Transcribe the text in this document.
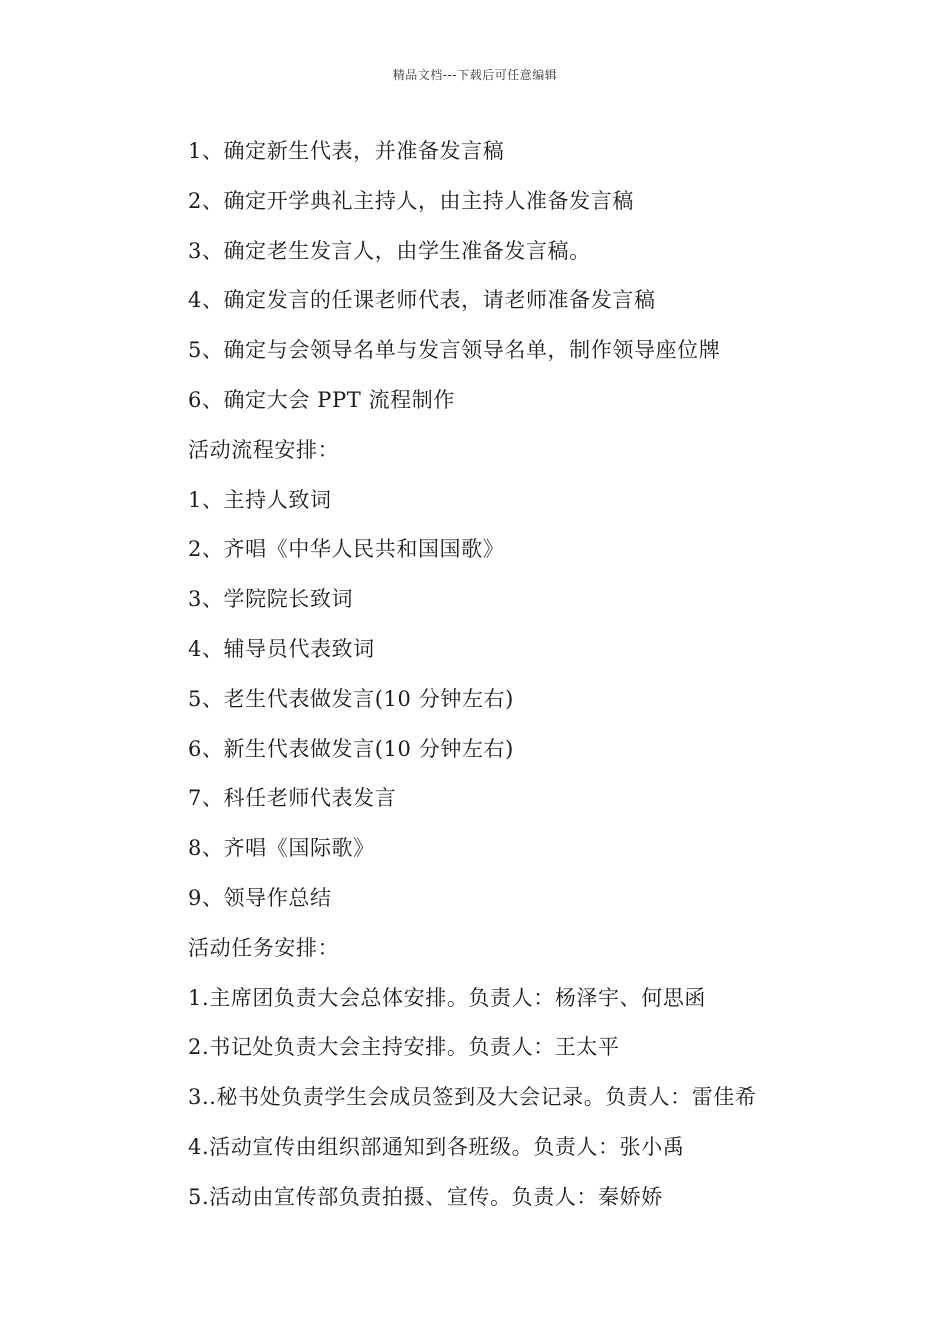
精品文档---下载后可任意编辑
1、确定新生代表，并准备发言稿
2、确定开学典礼主持人，由主持人准备发言稿
3、确定老生发言人，由学生准备发言稿。
4、确定发言的任课老师代表，请老师准备发言稿
5、确定与会领导名单与发言领导名单，制作领导座位牌
6、确定大会 PPT 流程制作
活动流程安排：
1、主持人致词
2、齐唱《中华人民共和国国歌》
3、学院院长致词
4、辅导员代表致词
5、老生代表做发言(10 分钟左右)
6、新生代表做发言(10 分钟左右)
7、科任老师代表发言
8、齐唱《国际歌》
9、领导作总结
活动任务安排：
1.主席团负责大会总体安排。负责人：杨泽宇、何思函
2.书记处负责大会主持安排。负责人：王太平
3..秘书处负责学生会成员签到及大会记录。负责人：雷佳希
4.活动宣传由组织部通知到各班级。负责人：张小禹
5.活动由宣传部负责拍摄、宣传。负责人：秦娇娇
